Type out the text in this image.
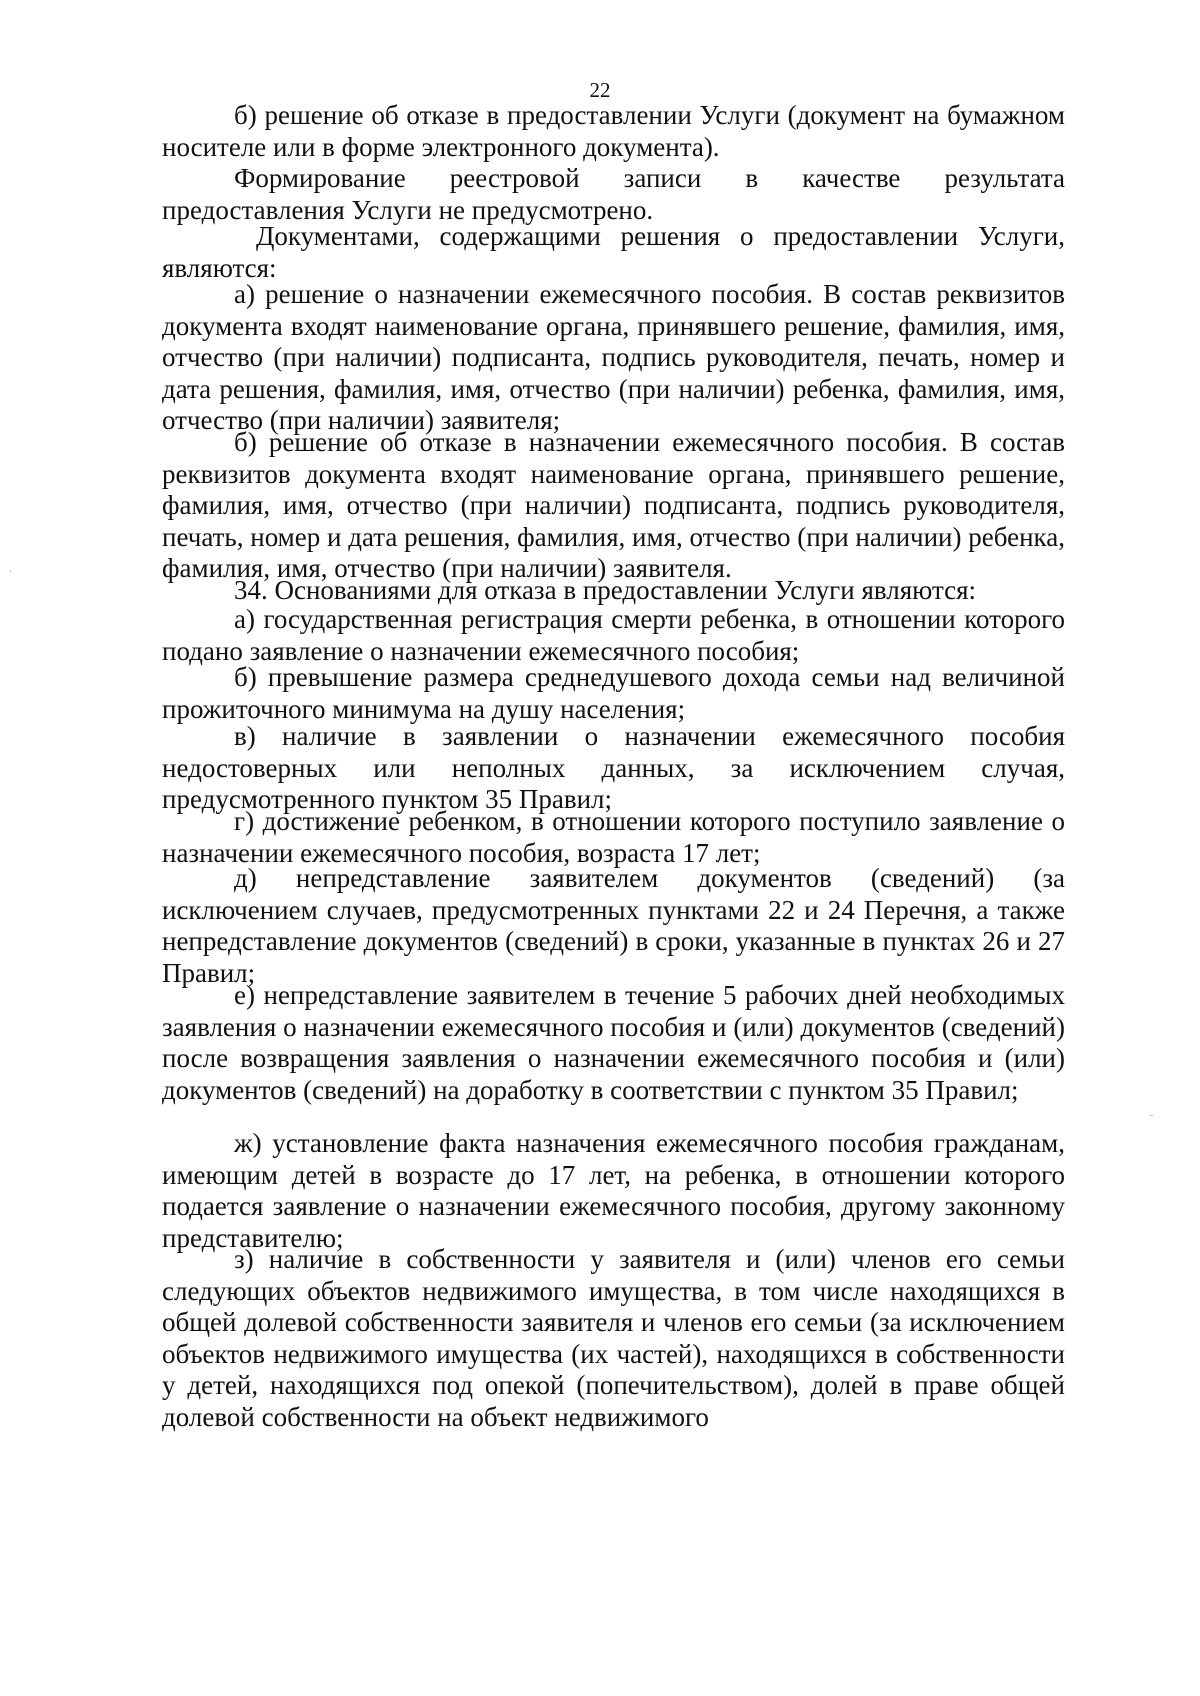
22

б) решение об отказе в предоставлении Услуги (документ на бумажном носителе или в форме электронного документа).

Формирование реестровой записи в качестве результата предоставления Услуги не предусмотрено.

Документами, содержащими решения о предоставлении Услуги, являются:

а) решение о назначении ежемесячного пособия. В состав реквизитов документа входят наименование органа, принявшего решение, фамилия, имя, отчество (при наличии) подписанта, подпись руководителя, печать, номер и дата решения, фамилия, имя, отчество (при наличии) ребенка, фамилия, имя, отчество (при наличии) заявителя;

б) решение об отказе в назначении ежемесячного пособия. В состав реквизитов документа входят наименование органа, принявшего решение, фамилия, имя, отчество (при наличии) подписанта, подпись руководителя, печать, номер и дата решения, фамилия, имя, отчество (при наличии) ребенка, фамилия, имя, отчество (при наличии) заявителя.

34. Основаниями для отказа в предоставлении Услуги являются:

а) государственная регистрация смерти ребенка, в отношении которого подано заявление о назначении ежемесячного пособия;

б) превышение размера среднедушевого дохода семьи над величиной прожиточного минимума на душу населения;

в) наличие в заявлении о назначении ежемесячного пособия недостоверных или неполных данных, за исключением случая, предусмотренного пунктом 35 Правил;

г) достижение ребенком, в отношении которого поступило заявление о назначении ежемесячного пособия, возраста 17 лет;

д) непредставление заявителем документов (сведений) (за исключением случаев, предусмотренных пунктами 22 и 24 Перечня, а также непредставление документов (сведений) в сроки, указанные в пунктах 26 и 27 Правил;

е) непредставление заявителем в течение 5 рабочих дней необходимых заявления о назначении ежемесячного пособия и (или) документов (сведений) после возвращения заявления о назначении ежемесячного пособия и (или) документов (сведений) на доработку в соответствии с пунктом 35 Правил;

ж) установление факта назначения ежемесячного пособия гражданам, имеющим детей в возрасте до 17 лет, на ребенка, в отношении которого подается заявление о назначении ежемесячного пособия, другому законному представителю;

з) наличие в собственности у заявителя и (или) членов его семьи следующих объектов недвижимого имущества, в том числе находящихся в общей долевой собственности заявителя и членов его семьи (за исключением объектов недвижимого имущества (их частей), находящихся в собственности у детей, находящихся под опекой (попечительством), долей в праве общей долевой собственности на объект недвижимого
